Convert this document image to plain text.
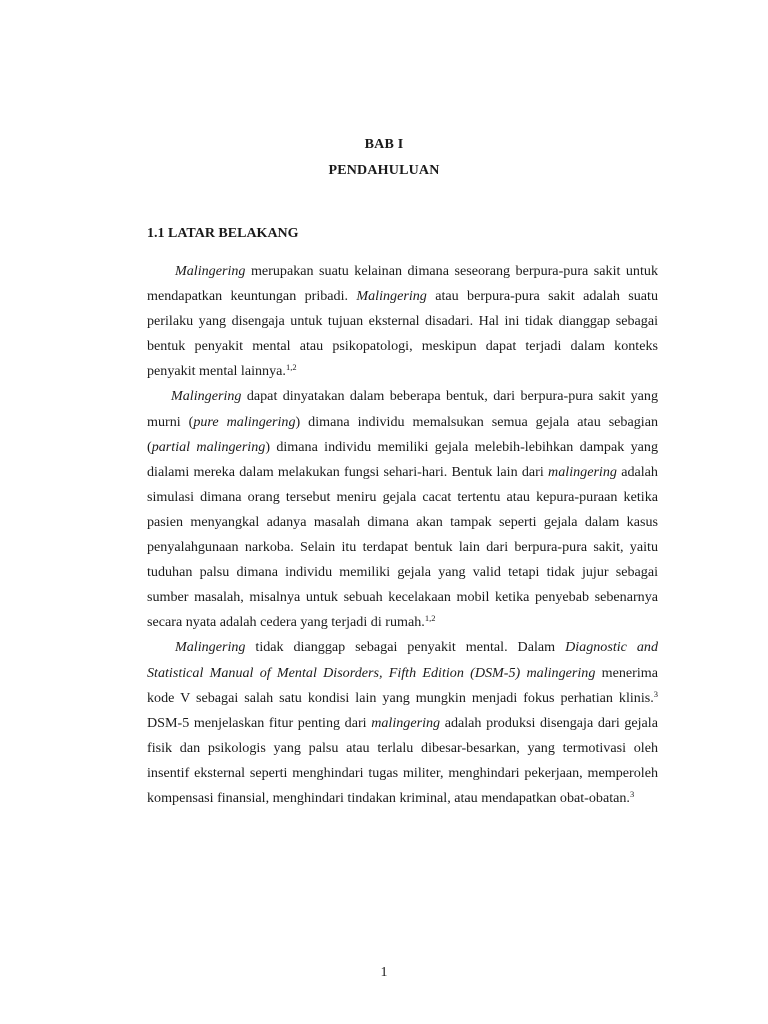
BAB I
PENDAHULUAN
1.1 LATAR BELAKANG

Malingering merupakan suatu kelainan dimana seseorang berpura-pura sakit untuk mendapatkan keuntungan pribadi. Malingering atau berpura-pura sakit adalah suatu perilaku yang disengaja untuk tujuan eksternal disadari. Hal ini tidak dianggap sebagai bentuk penyakit mental atau psikopatologi, meskipun dapat terjadi dalam konteks penyakit mental lainnya.$^{1,2}$

Malingering dapat dinyatakan dalam beberapa bentuk, dari berpura-pura sakit yang murni (pure malingering) dimana individu memalsukan semua gejala atau sebagian (partial malingering) dimana individu memiliki gejala melebih-lebihkan dampak yang dialami mereka dalam melakukan fungsi sehari-hari. Bentuk lain dari malingering adalah simulasi dimana orang tersebut meniru gejala cacat tertentu atau kepura-puraan ketika pasien menyangkal adanya masalah dimana akan tampak seperti gejala dalam kasus penyalahgunaan narkoba. Selain itu terdapat bentuk lain dari berpura-pura sakit, yaitu tuduhan palsu dimana individu memiliki gejala yang valid tetapi tidak jujur sebagai sumber masalah, misalnya untuk sebuah kecelakaan mobil ketika penyebab sebenarnya secara nyata adalah cedera yang terjadi di rumah.$^{1,2}$

Malingering tidak dianggap sebagai penyakit mental. Dalam Diagnostic and Statistical Manual of Mental Disorders, Fifth Edition (DSM-5) malingering menerima kode V sebagai salah satu kondisi lain yang mungkin menjadi fokus perhatian klinis.$^3$ DSM-5 menjelaskan fitur penting dari malingering adalah produksi disengaja dari gejala fisik dan psikologis yang palsu atau terlalu dibesar-besarkan, yang termotivasi oleh insentif eksternal seperti menghindari tugas militer, menghindari pekerjaan, memperoleh kompensasi finansial, menghindari tindakan kriminal, atau mendapatkan obat-obatan.$^3$

1
